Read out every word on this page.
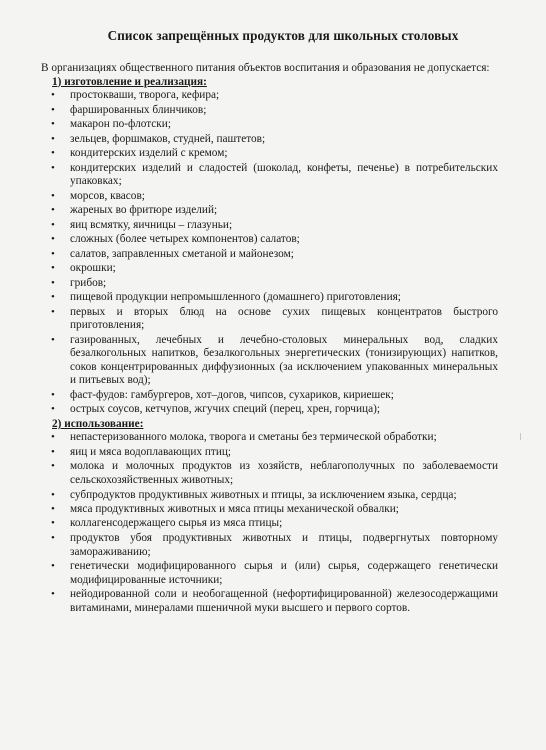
Список запрещённых продуктов для школьных столовых

В организациях общественного питания объектов воспитания и образования не допускается:

1) изготовление и реализация:
• простокваши, творога, кефира;
• фаршированных блинчиков;
• макарон по-флотски;
• зельцев, форшмаков, студней, паштетов;
• кондитерских изделий с кремом;
• кондитерских изделий и сладостей (шоколад, конфеты, печенье) в потребительских упаковках;
• морсов, квасов;
• жареных во фритюре изделий;
• яиц всмятку, яичницы – глазуньи;
• сложных (более четырех компонентов) салатов;
• салатов, заправленных сметаной и майонезом;
• окрошки;
• грибов;
• пищевой продукции непромышленного (домашнего) приготовления;
• первых и вторых блюд на основе сухих пищевых концентратов быстрого приготовления;
• газированных, лечебных и лечебно-столовых минеральных вод, сладких безалкогольных напитков, безалкогольных энергетических (тонизирующих) напитков, соков концентрированных диффузионных (за исключением упакованных минеральных и питьевых вод);
• фаст-фудов: гамбургеров, хот–догов, чипсов, сухариков, кириешек;
• острых соусов, кетчупов, жгучих специй (перец, хрен, горчица);
2) использование:
• непастеризованного молока, творога и сметаны без термической обработки;
• яиц и мяса водоплавающих птиц;
• молока и молочных продуктов из хозяйств, неблагополучных по заболеваемости сельскохозяйственных животных;
• субпродуктов продуктивных животных и птицы, за исключением языка, сердца;
• мяса продуктивных животных и мяса птицы механической обвалки;
• коллагенсодержащего сырья из мяса птицы;
• продуктов убоя продуктивных животных и птицы, подвергнутых повторному замораживанию;
• генетически модифицированного сырья и (или) сырья, содержащего генетически модифицированные источники;
• нейодированной соли и необогащенной (нефортифицированной) железосодержащими витаминами, минералами пшеничной муки высшего и первого сортов.
